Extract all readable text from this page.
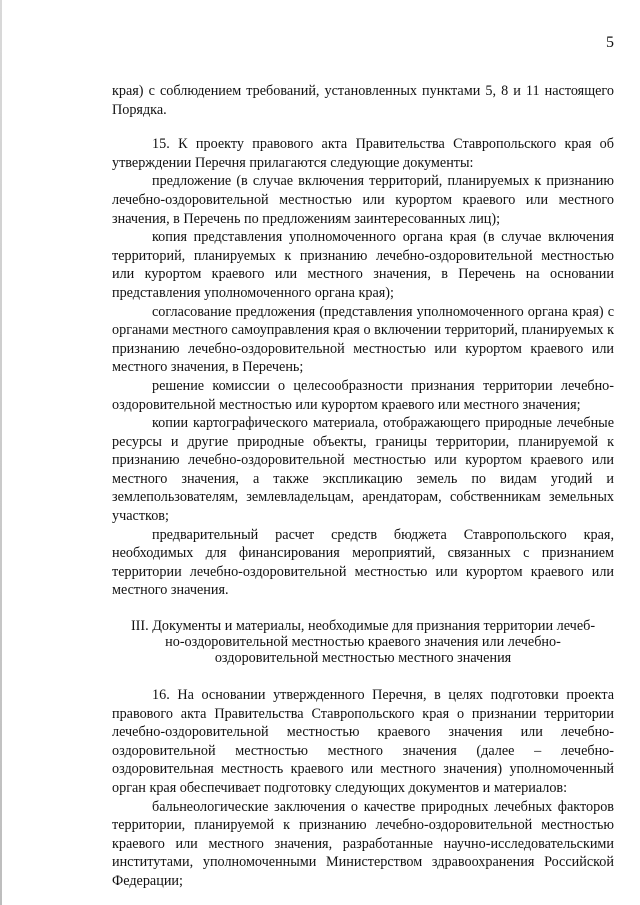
5

края) с соблюдением требований, установленных пунктами 5, 8 и 11 настоящего Порядка.

15. К проекту правового акта Правительства Ставропольского края об утверждении Перечня прилагаются следующие документы:

предложение (в случае включения территорий, планируемых к признанию лечебно-оздоровительной местностью или курортом краевого или местного значения, в Перечень по предложениям заинтересованных лиц);

копия представления уполномоченного органа края (в случае включения территорий, планируемых к признанию лечебно-оздоровительной местностью или курортом краевого или местного значения, в Перечень на основании представления уполномоченного органа края);

согласование предложения (представления уполномоченного органа края) с органами местного самоуправления края о включении территорий, планируемых к признанию лечебно-оздоровительной местностью или курортом краевого или местного значения, в Перечень;

решение комиссии о целесообразности признания территории лечебно-оздоровительной местностью или курортом краевого или местного значения;

копии картографического материала, отображающего природные лечебные ресурсы и другие природные объекты, границы территории, планируемой к признанию лечебно-оздоровительной местностью или курортом краевого или местного значения, а также экспликацию земель по видам угодий и землепользователям, землевладельцам, арендаторам, собственникам земельных участков;

предварительный расчет средств бюджета Ставропольского края, необходимых для финансирования мероприятий, связанных с признанием территории лечебно-оздоровительной местностью или курортом краевого или местного значения.

III. Документы и материалы, необходимые для признания территории лечеб-
но-оздоровительной местностью краевого значения или лечебно-
оздоровительной местностью местного значения

16. На основании утвержденного Перечня, в целях подготовки проекта правового акта Правительства Ставропольского края о признании территории лечебно-оздоровительной местностью краевого значения или лечебно-оздоровительной местностью местного значения (далее – лечебно-оздоровительная местность краевого или местного значения) уполномоченный орган края обеспечивает подготовку следующих документов и материалов:

бальнеологические заключения о качестве природных лечебных факторов территории, планируемой к признанию лечебно-оздоровительной местностью краевого или местного значения, разработанные научно-исследовательскими институтами, уполномоченными Министерством здравоохранения Российской Федерации;
